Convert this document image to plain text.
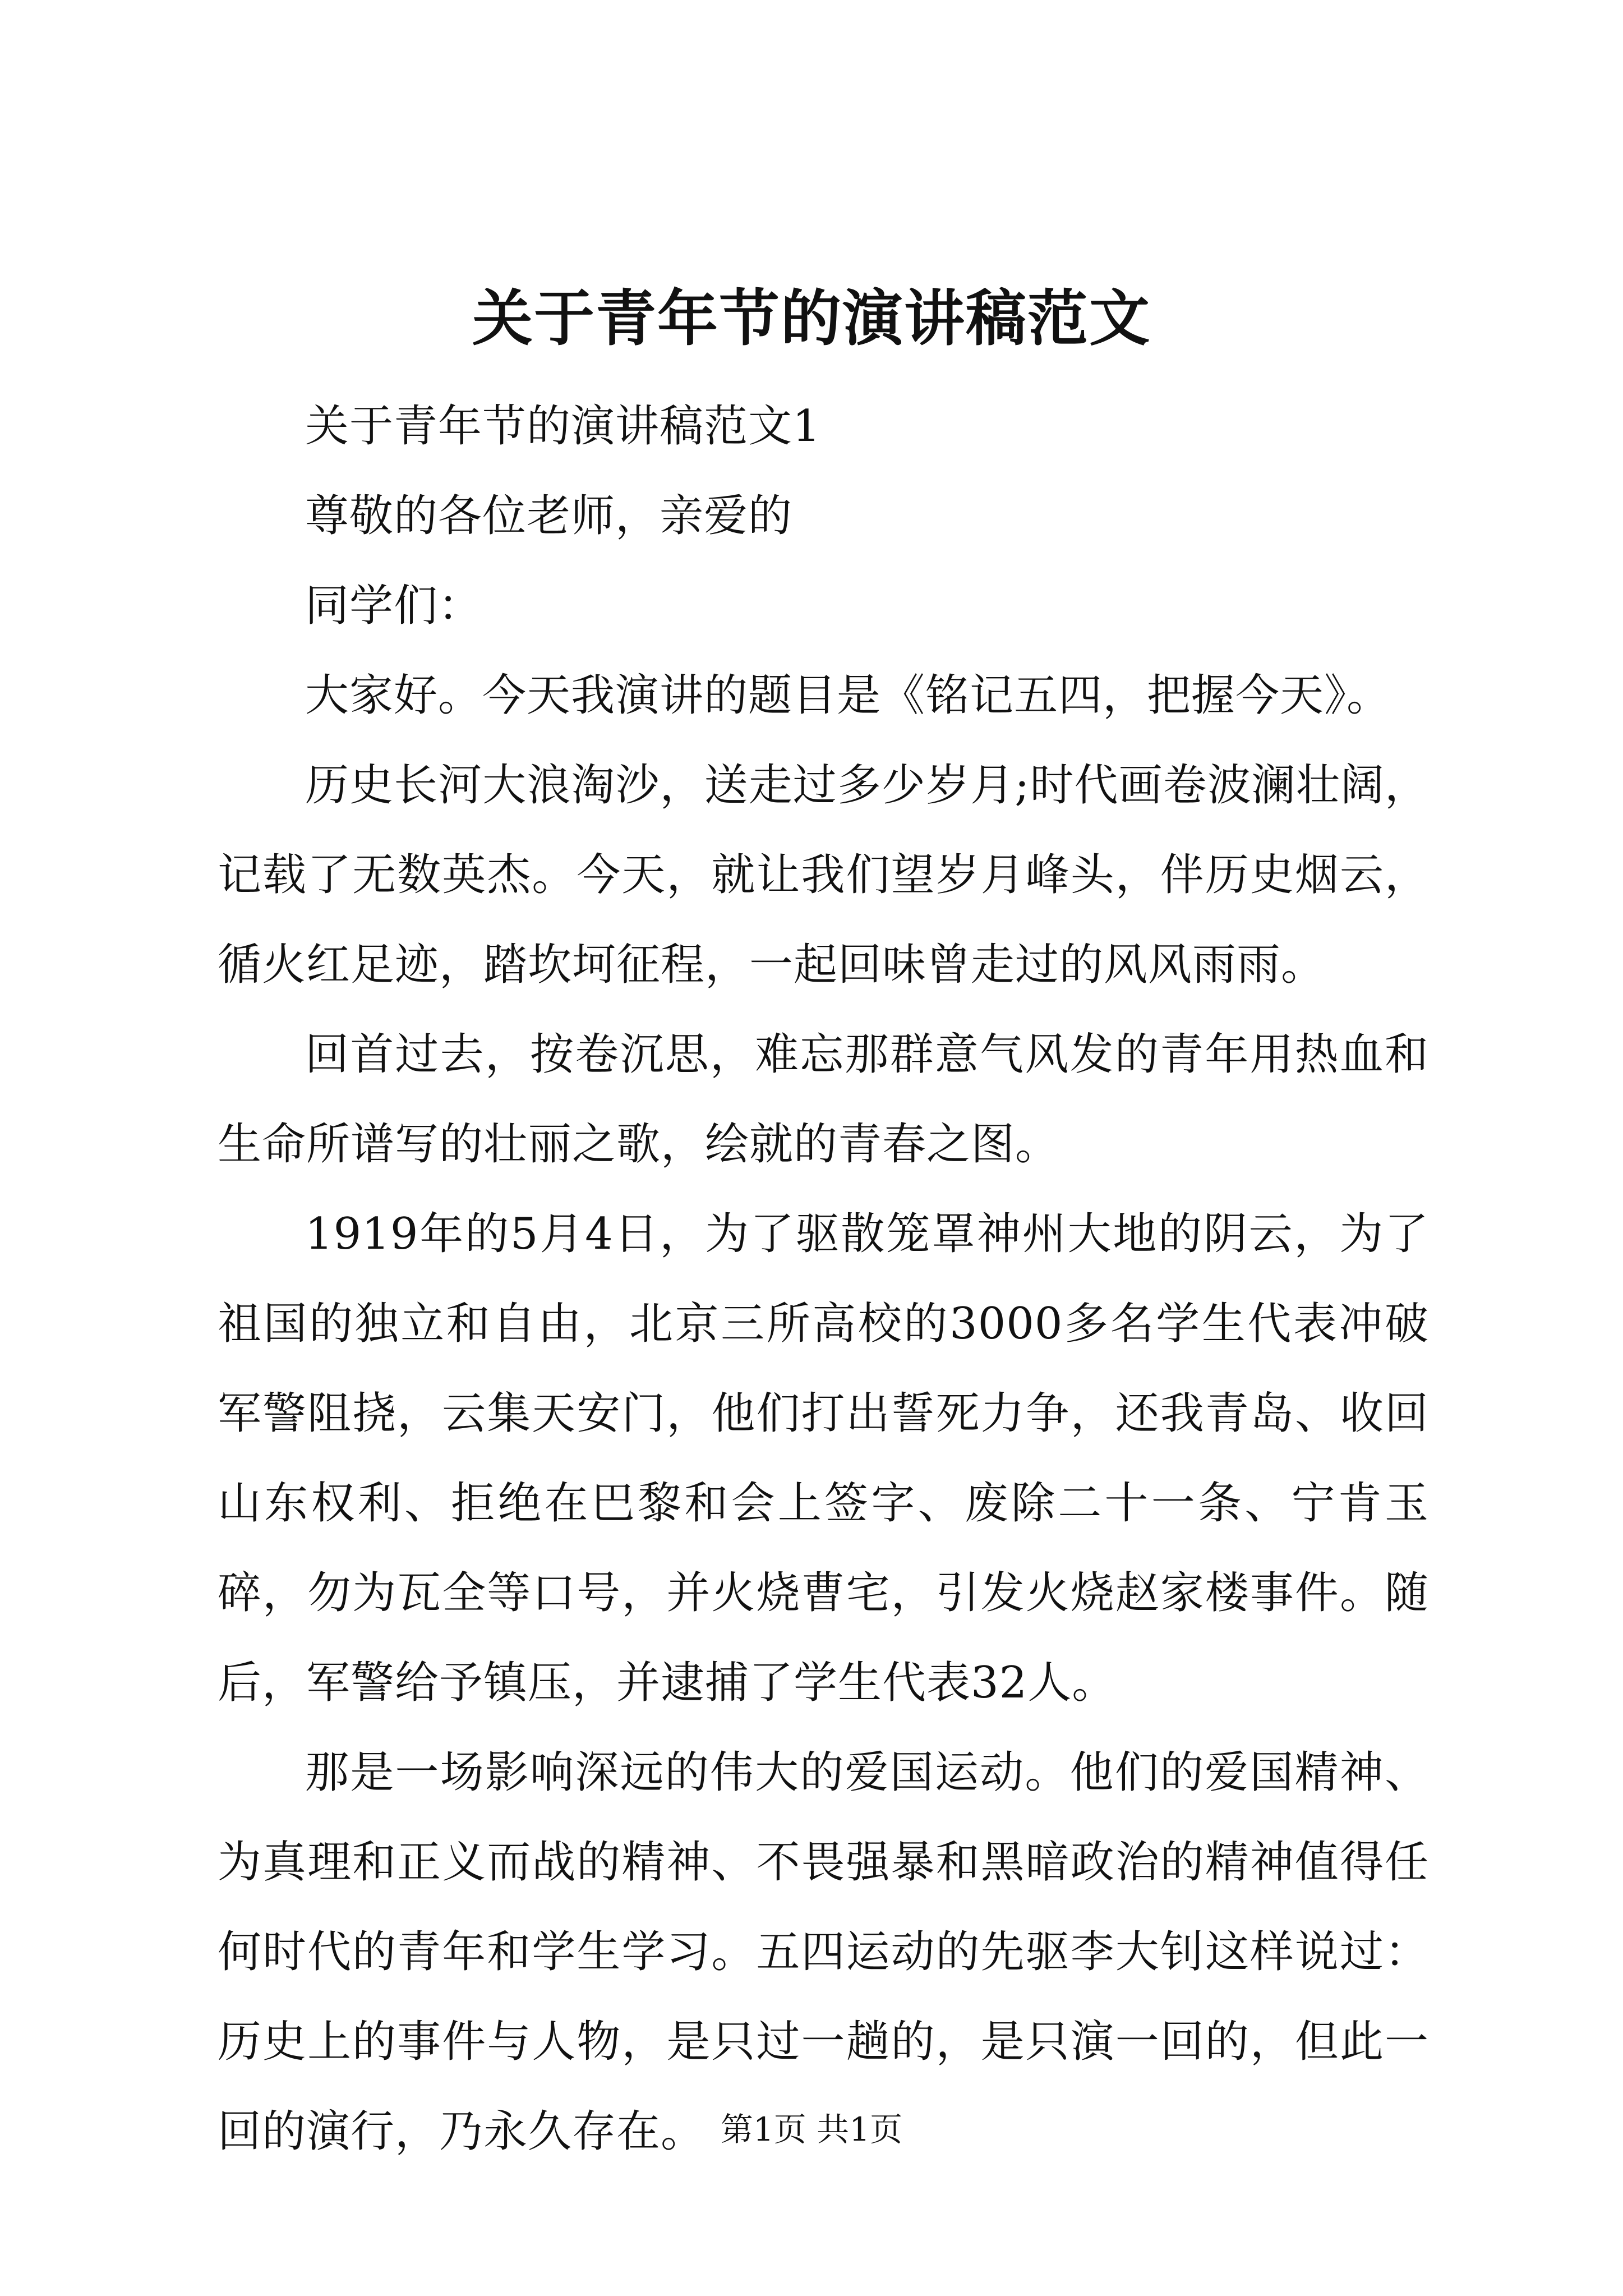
关于青年节的演讲稿范文

关于青年节的演讲稿范文1

尊敬的各位老师，亲爱的

同学们：

大家好。今天我演讲的题目是《铭记五四，把握今天》。

历史长河大浪淘沙，送走过多少岁月;时代画卷波澜壮阔，记载了无数英杰。今天，就让我们望岁月峰头，伴历史烟云，循火红足迹，踏坎坷征程，一起回味曾走过的风风雨雨。

回首过去，按卷沉思，难忘那群意气风发的青年用热血和生命所谱写的壮丽之歌，绘就的青春之图。

1919年的5月4日，为了驱散笼罩神州大地的阴云，为了祖国的独立和自由，北京三所高校的3000多名学生代表冲破军警阻挠，云集天安门，他们打出誓死力争，还我青岛、收回山东权利、拒绝在巴黎和会上签字、废除二十一条、宁肯玉碎，勿为瓦全等口号，并火烧曹宅，引发火烧赵家楼事件。随后，军警给予镇压，并逮捕了学生代表32人。

那是一场影响深远的伟大的爱国运动。他们的爱国精神、为真理和正义而战的精神、不畏强暴和黑暗政治的精神值得任何时代的青年和学生学习。五四运动的先驱李大钊这样说过：历史上的事件与人物，是只过一趟的，是只演一回的，但此一回的演行，乃永久存在。 第1页 共1页
